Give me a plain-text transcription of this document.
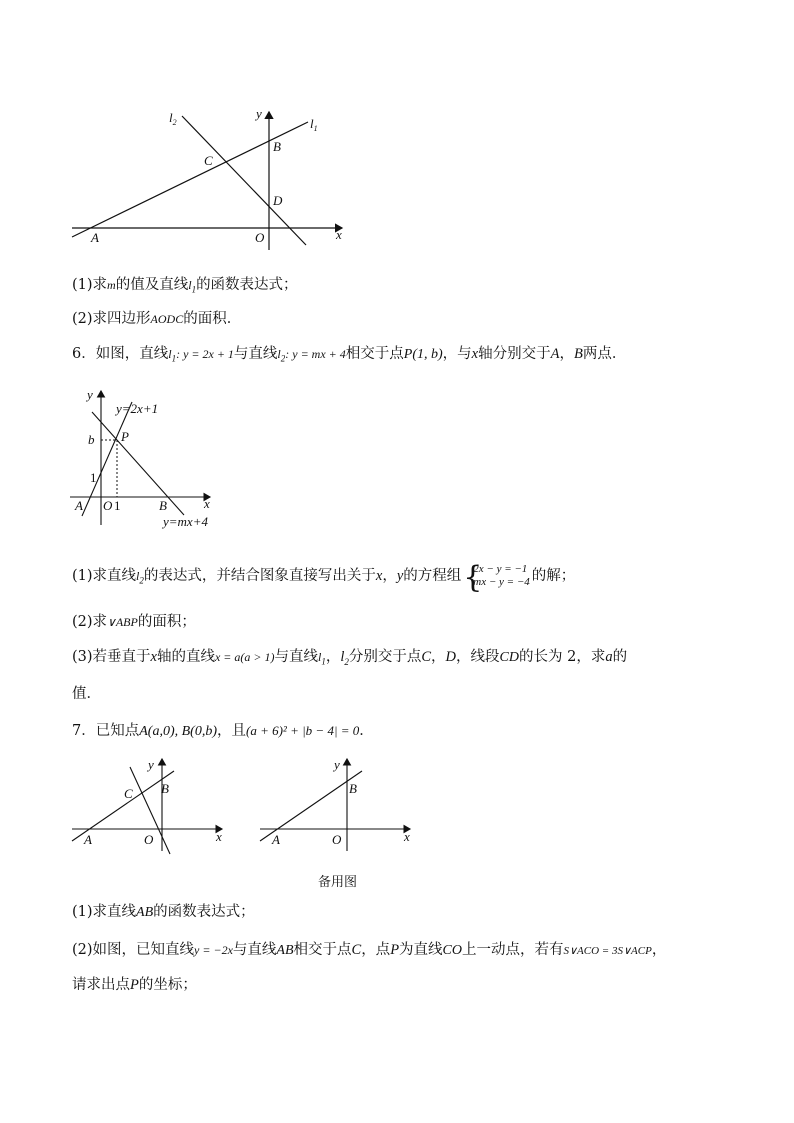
$l_2$
y
$l_1$
B
C
D
A	O	x
(1)求m的值及直线$l_1$的函数表达式；
(2)求四边形AODC的面积．
6．如图，直线$l_1$: y = 2x + 1与直线$l_2$: y = mx + 4相交于点P(1, b)，与x轴分别交于A，B两点．
y
y=2x+1
b P
1
A O 1	B	x
y=mx+4
(1)求直线$l_2$的表达式，并结合图象直接写出关于x，y的方程组 {
2x − y = −1
mx − y = −4 的解；
(2)求∨ABP的面积；
(3)若垂直于x轴的直线x = a(a > 1)与直线$l_1$，$l_2$分别交于点C，D，线段CD的长为 2，求a的
值．
7．已知点A(a,0), B(0,b)，且(a + 6)² + |b − 4| = 0．
y
C B
A	O	x
y
B
A	O	x
备用图
(1)求直线AB的函数表达式；
(2)如图，已知直线y = −2x与直线AB相交于点C，点P为直线CO上一动点，若有S∨ACO = 3S∨ACP，
请求出点P的坐标；
